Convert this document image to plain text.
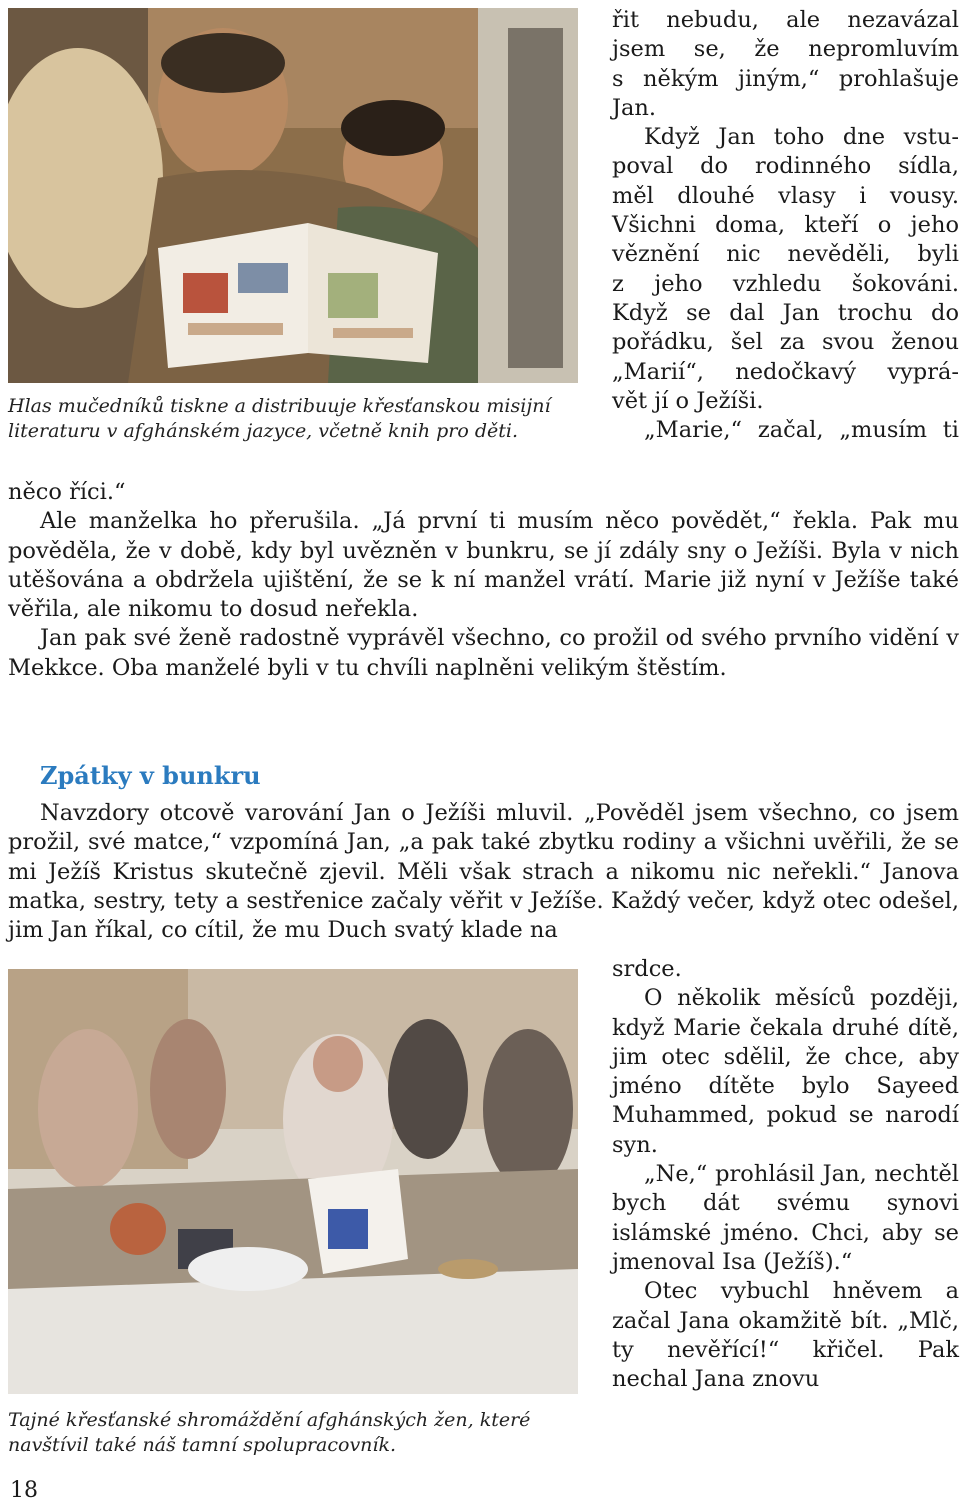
Hlas mučedníků tiskne a distribuuje křesťanskou misijní literaturu v afghánském jazyce, včetně knih pro děti.
řit nebudu, ale nezavázal
jsem se, že nepromluvím
s někým jiným,“ prohlašuje
Jan.
Když Jan toho dne vstu-
poval do rodinného sídla,
měl dlouhé vlasy i vousy.
Všichni doma, kteří o jeho
věznění nic nevěděli, byli
z jeho vzhledu šokováni.
Když se dal Jan trochu do
pořádku, šel za svou ženou
„Marií“, nedočkavý vyprá-
vět jí o Ježíši.
„Marie,“ začal, „musím ti

něco říci.“

Ale manželka ho přerušila. „Já první ti musím něco povědět,“ řekla. Pak mu pověděla, že v době, kdy byl uvězněn v bunkru, se jí zdály sny o Ježíši. Byla v nich utěšována a obdržela ujištění, že se k ní manžel vrátí. Marie již nyní v Ježíše také věřila, ale nikomu to dosud neřekla.

Jan pak své ženě radostně vyprávěl všechno, co prožil od svého prvního vidění v Mekkce. Oba manželé byli v tu chvíli naplněni velikým štěstím.

Zpátky v bunkru

Navzdory otcově varování Jan o Ježíši mluvil. „Pověděl jsem všechno, co jsem prožil, své matce,“ vzpomíná Jan, „a pak také zbytku rodiny a všichni uvěřili, že se mi Ježíš Kristus skutečně zjevil. Měli však strach a nikomu nic neřekli.“ Janova matka, sestry, tety a sestřenice začaly věřit v Ježíše. Každý večer, když otec odešel, jim Jan říkal, co cítil, že mu Duch svatý klade na

Tajné křesťanské shromáždění afghánských žen, které navštívil také náš tamní spolupracovník.

srdce.

O několik měsíců později, když Marie čekala druhé dítě, jim otec sdělil, že chce, aby jméno dítěte bylo Sayeed Muhammed, pokud se narodí syn.

„Ne,“ prohlásil Jan, nechtěl bych dát svému synovi islámské jméno. Chci, aby se jmenoval Isa (Ježíš).“

Otec vybuchl hněvem a začal Jana okamžitě bít. „Mlč, ty nevěřící!“ křičel. Pak nechal Jana znovu

18
